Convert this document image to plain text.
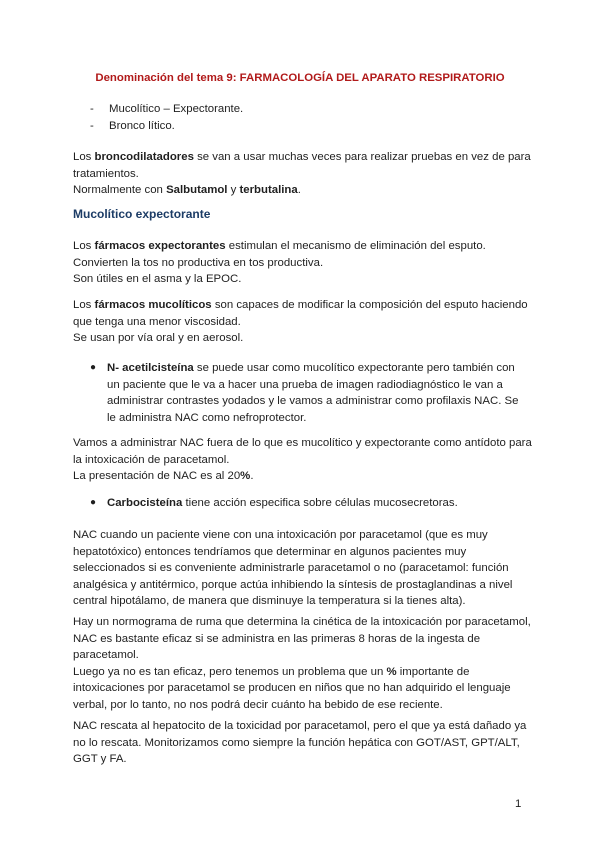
Denominación del tema 9: FARMACOLOGÍA DEL APARATO RESPIRATORIO
-	Mucolítico – Expectorante.
-	Bronco lítico.

Los broncodilatadores se van a usar muchas veces para realizar pruebas en vez de para tratamientos.

Normalmente con Salbutamol y terbutalina.

Mucolítico expectorante

Los fármacos expectorantes estimulan el mecanismo de eliminación del esputo.

Convierten la tos no productiva en tos productiva.

Son útiles en el asma y la EPOC.

Los fármacos mucolíticos son capaces de modificar la composición del esputo haciendo que tenga una menor viscosidad.

Se usan por vía oral y en aerosol.

● N- acetilcisteína se puede usar como mucolítico expectorante pero también con un paciente que le va a hacer una prueba de imagen radiodiagnóstico le van a administrar contrastes yodados y le vamos a administrar como profilaxis NAC. Se le administra NAC como nefroprotector.

Vamos a administrar NAC fuera de lo que es mucolítico y expectorante como antídoto para la intoxicación de paracetamol.

La presentación de NAC es al 20%.

● Carbocisteína tiene acción especifica sobre células mucosecretoras.

NAC cuando un paciente viene con una intoxicación por paracetamol (que es muy hepatotóxico) entonces tendríamos que determinar en algunos pacientes muy seleccionados si es conveniente administrarle paracetamol o no (paracetamol: función analgésica y antitérmico, porque actúa inhibiendo la síntesis de prostaglandinas a nivel central hipotálamo, de manera que disminuye la temperatura si la tienes alta).

Hay un normograma de ruma que determina la cinética de la intoxicación por paracetamol, NAC es bastante eficaz si se administra en las primeras 8 horas de la ingesta de paracetamol.

Luego ya no es tan eficaz, pero tenemos un problema que un % importante de intoxicaciones por paracetamol se producen en niños que no han adquirido el lenguaje verbal, por lo tanto, no nos podrá decir cuánto ha bebido de ese reciente.

NAC rescata al hepatocito de la toxicidad por paracetamol, pero el que ya está dañado ya no lo rescata. Monitorizamos como siempre la función hepática con GOT/AST, GPT/ALT, GGT y FA.

1
